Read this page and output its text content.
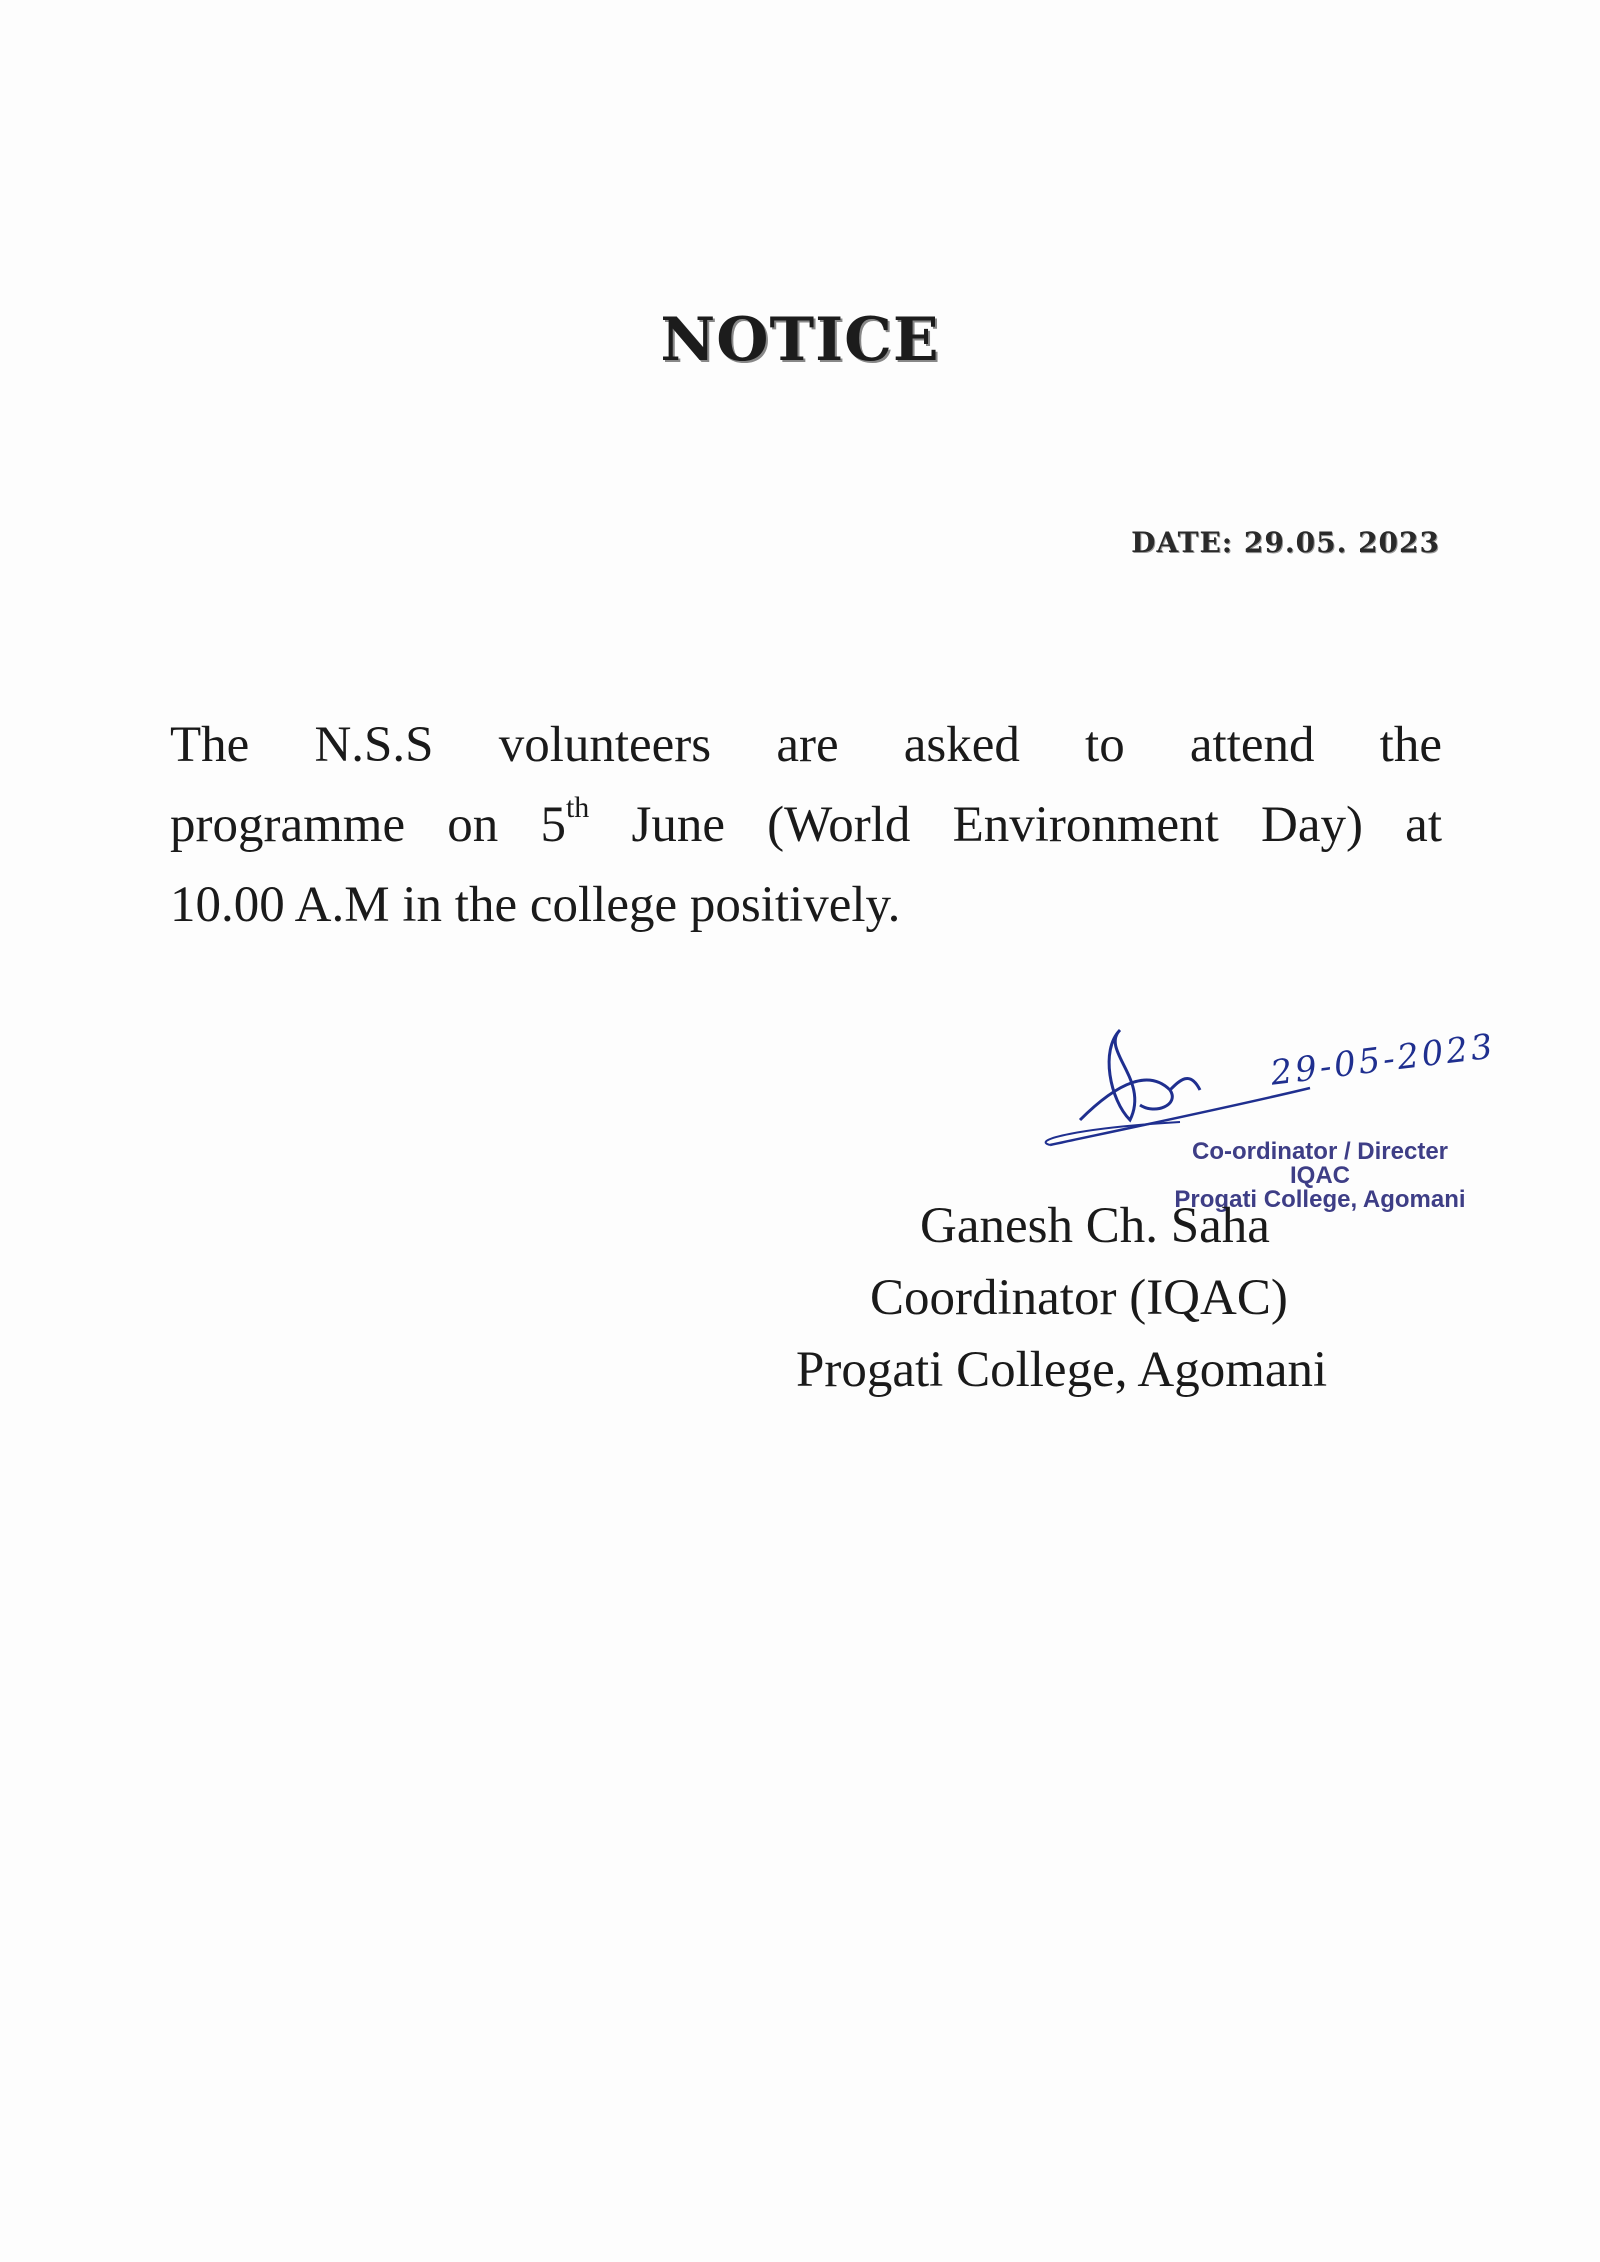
NOTICE
DATE: 29.05. 2023
The N.S.S volunteers are asked to attend the
programme on 5th June (World Environment Day) at
10.00 A.M in the college positively.
29-05-2023
Co-ordinator / Directer
IQAC
Progati College, Agomani
Ganesh Ch. Saha
Coordinator (IQAC)
Progati College, Agomani
